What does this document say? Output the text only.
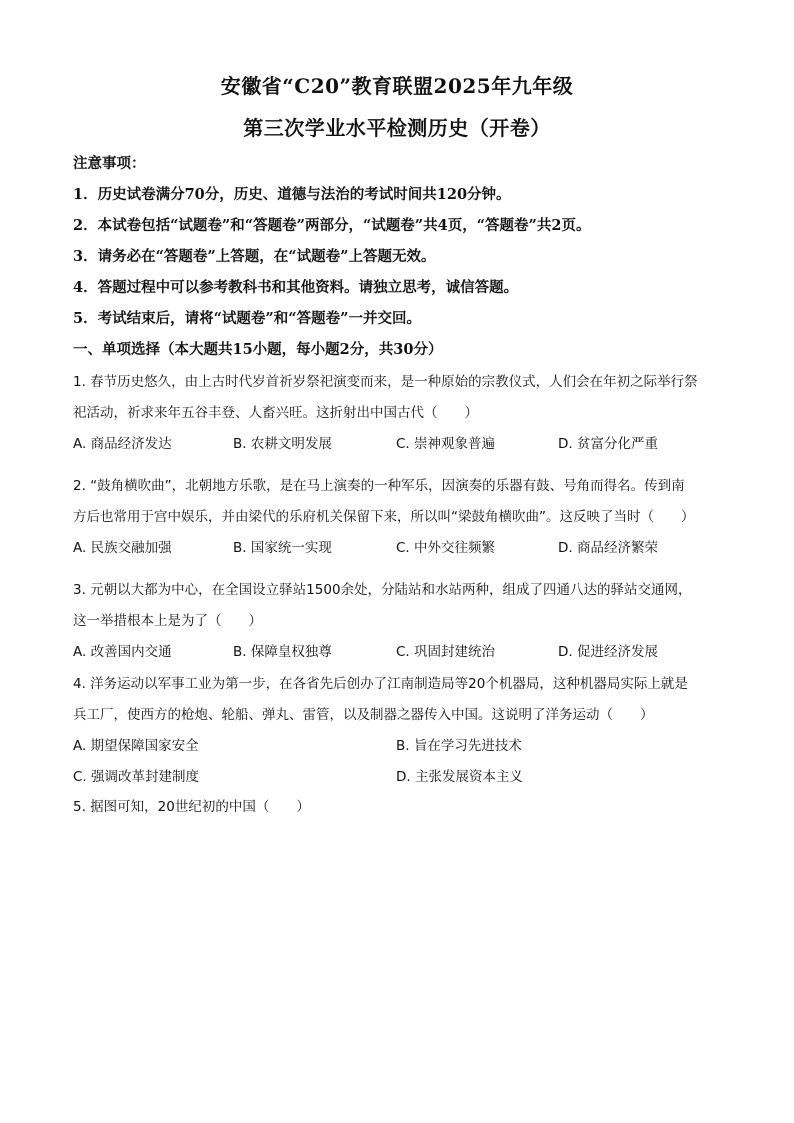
安徽省“C20”教育联盟2025年九年级
第三次学业水平检测历史（开卷）
注意事项：
1．历史试卷满分70分，历史、道德与法治的考试时间共120分钟。
2．本试卷包括“试题卷”和“答题卷”两部分，“试题卷”共4页，“答题卷”共2页。
3．请务必在“答题卷”上答题，在“试题卷”上答题无效。
4．答题过程中可以参考教科书和其他资料。请独立思考，诚信答题。
5．考试结束后，请将“试题卷”和“答题卷”一并交回。
一、单项选择（本大题共15小题，每小题2分，共30分）
1. 春节历史悠久，由上古时代岁首祈岁祭祀演变而来，是一种原始的宗教仪式，人们会在年初之际举行祭
祀活动，祈求来年五谷丰登、人畜兴旺。这折射出中国古代（　　）
A. 商品经济发达	B. 农耕文明发展	C. 崇神观象普遍	D. 贫富分化严重
2. “鼓角横吹曲”，北朝地方乐歌，是在马上演奏的一种军乐，因演奏的乐器有鼓、号角而得名。传到南
方后也常用于宫中娱乐，并由梁代的乐府机关保留下来，所以叫“梁鼓角横吹曲”。这反映了当时（　　）
A. 民族交融加强	B. 国家统一实现	C. 中外交往频繁	D. 商品经济繁荣
3. 元朝以大都为中心，在全国设立驿站1500余处，分陆站和水站两种，组成了四通八达的驿站交通网，
这一举措根本上是为了（　　）
A. 改善国内交通	B. 保障皇权独尊	C. 巩固封建统治	D. 促进经济发展
4. 洋务运动以军事工业为第一步，在各省先后创办了江南制造局等20个机器局，这种机器局实际上就是
兵工厂，使西方的枪炮、轮船、弹丸、雷管，以及制器之器传入中国。这说明了洋务运动（　　）
A. 期望保障国家安全	B. 旨在学习先进技术
C. 强调改革封建制度	D. 主张发展资本主义
5. 据图可知，20世纪初的中国（　　）
